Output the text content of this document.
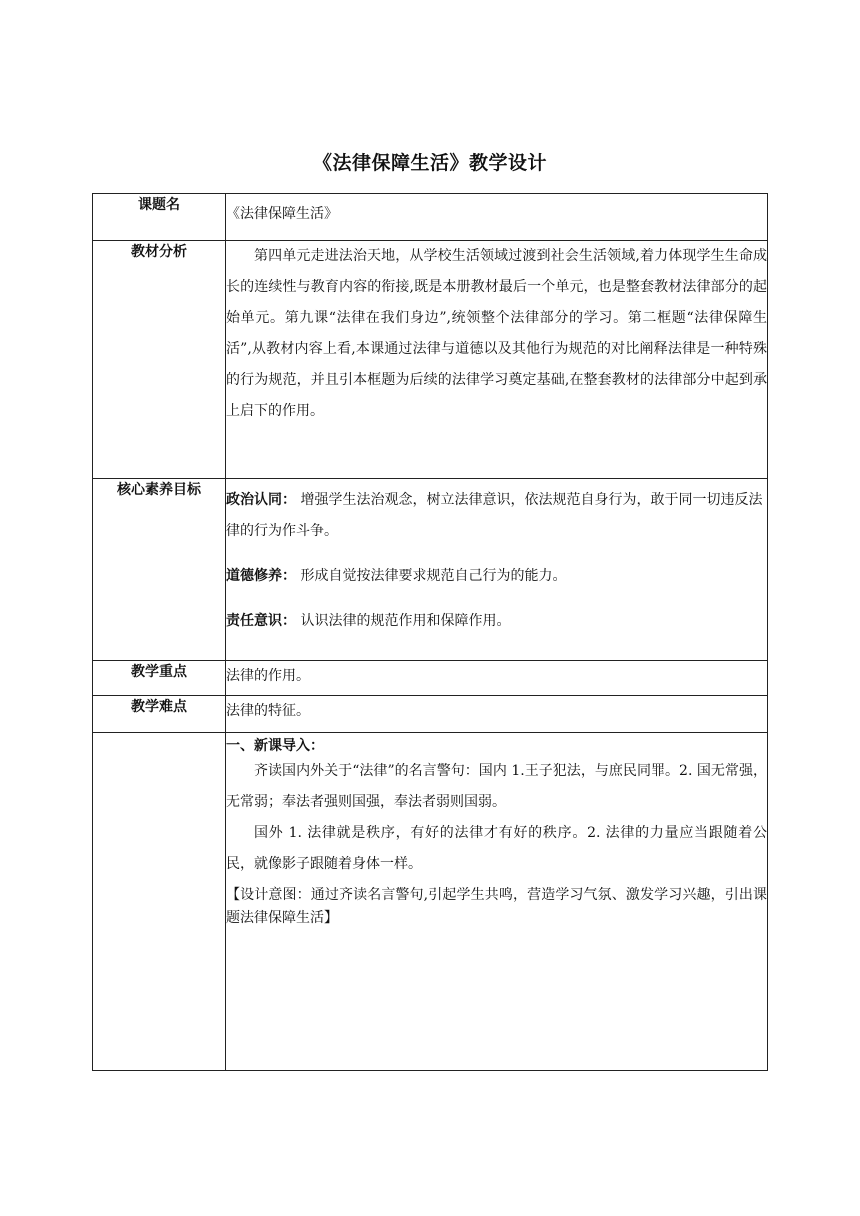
《法律保障生活》教学设计
课题名	《法律保障生活》
教材分析	第四单元走进法治天地，从学校生活领域过渡到社会生活领域,着力体现学生生命成长的连续性与教育内容的衔接,既是本册教材最后一个单元，也是整套教材法律部分的起始单元。第九课“法律在我们身边”,统领整个法律部分的学习。第二框题“法律保障生活”,从教材内容上看,本课通过法律与道德以及其他行为规范的对比阐释法律是一种特殊的行为规范，并且引本框题为后续的法律学习奠定基础,在整套教材的法律部分中起到承上启下的作用。

核心素养目标	政治认同： 增强学生法治观念，树立法律意识，依法规范自身行为，敢于同一切违反法律的行为作斗争。

道德修养： 形成自觉按法律要求规范自己行为的能力。

责任意识： 认识法律的规范作用和保障作用。

教学重点	法律的作用。
教学难点	法律的特征。

	一、新课导入：

齐读国内外关于“法律”的名言警句：国内 1.王子犯法，与庶民同罪。2. 国无常强，无常弱；奉法者强则国强，奉法者弱则国弱。

国外 1. 法律就是秩序，有好的法律才有好的秩序。2. 法律的力量应当跟随着公民，就像影子跟随着身体一样。

【设计意图：通过齐读名言警句,引起学生共鸣，营造学习气氛、激发学习兴趣，引出课题法律保障生活】
